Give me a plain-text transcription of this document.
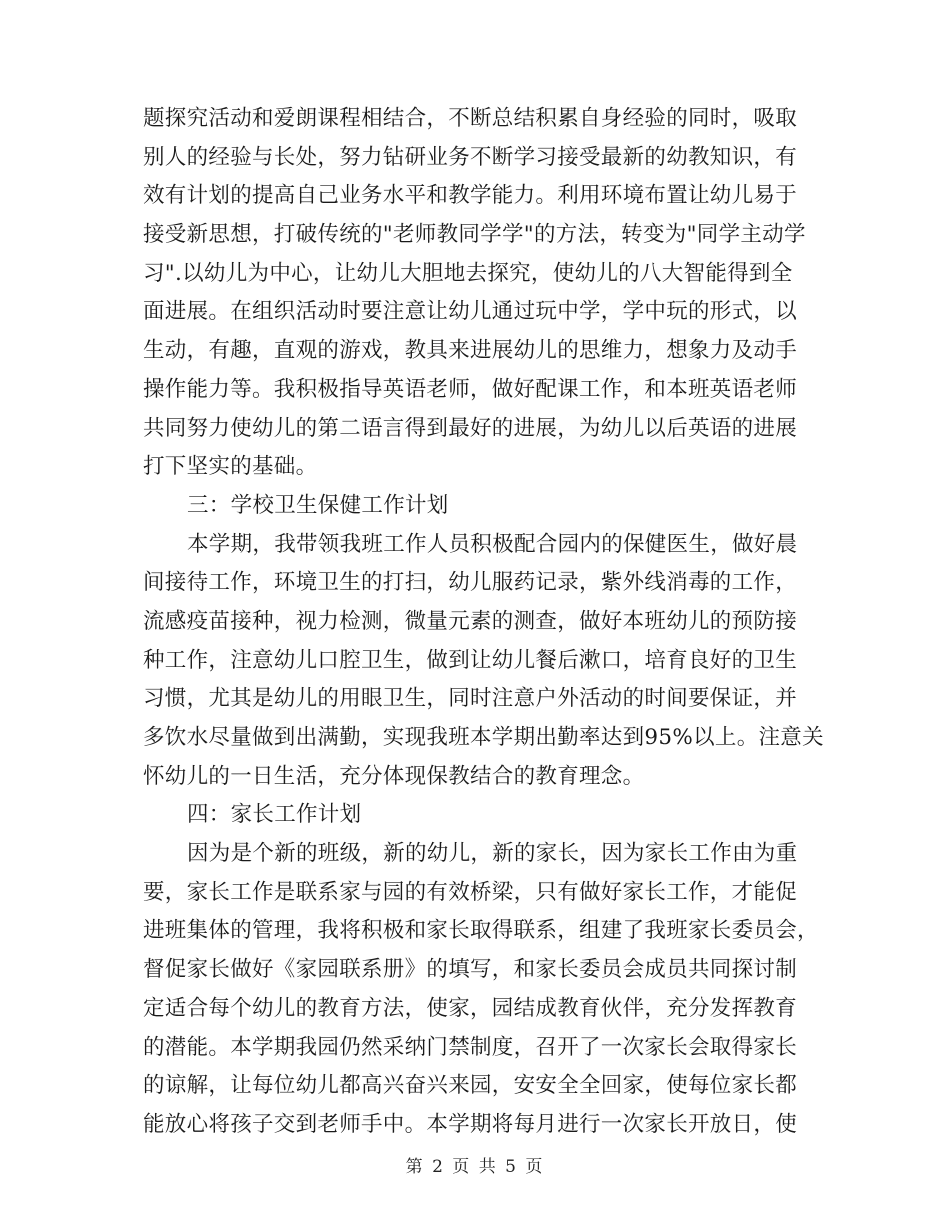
题探究活动和爱朗课程相结合，不断总结积累自身经验的同时，吸取
别人的经验与长处，努力钻研业务不断学习接受最新的幼教知识，有
效有计划的提高自己业务水平和教学能力。利用环境布置让幼儿易于
接受新思想，打破传统的"老师教同学学"的方法，转变为"同学主动学
习".以幼儿为中心，让幼儿大胆地去探究，使幼儿的八大智能得到全
面进展。在组织活动时要注意让幼儿通过玩中学，学中玩的形式，以
生动，有趣，直观的游戏，教具来进展幼儿的思维力，想象力及动手
操作能力等。我积极指导英语老师，做好配课工作，和本班英语老师
共同努力使幼儿的第二语言得到最好的进展，为幼儿以后英语的进展
打下坚实的基础。
三：学校卫生保健工作计划
本学期，我带领我班工作人员积极配合园内的保健医生，做好晨
间接待工作，环境卫生的打扫，幼儿服药记录，紫外线消毒的工作，
流感疫苗接种，视力检测，微量元素的测查，做好本班幼儿的预防接
种工作，注意幼儿口腔卫生，做到让幼儿餐后漱口，培育良好的卫生
习惯，尤其是幼儿的用眼卫生，同时注意户外活动的时间要保证，并
多饮水尽量做到出满勤，实现我班本学期出勤率达到95%以上。注意关
怀幼儿的一日生活，充分体现保教结合的教育理念。
四：家长工作计划
因为是个新的班级，新的幼儿，新的家长，因为家长工作由为重
要，家长工作是联系家与园的有效桥梁，只有做好家长工作，才能促
进班集体的管理，我将积极和家长取得联系，组建了我班家长委员会，
督促家长做好《家园联系册》的填写，和家长委员会成员共同探讨制
定适合每个幼儿的教育方法，使家，园结成教育伙伴，充分发挥教育
的潜能。本学期我园仍然采纳门禁制度，召开了一次家长会取得家长
的谅解，让每位幼儿都高兴奋兴来园，安安全全回家，使每位家长都
能放心将孩子交到老师手中。本学期将每月进行一次家长开放日，使
第 2 页 共 5 页
